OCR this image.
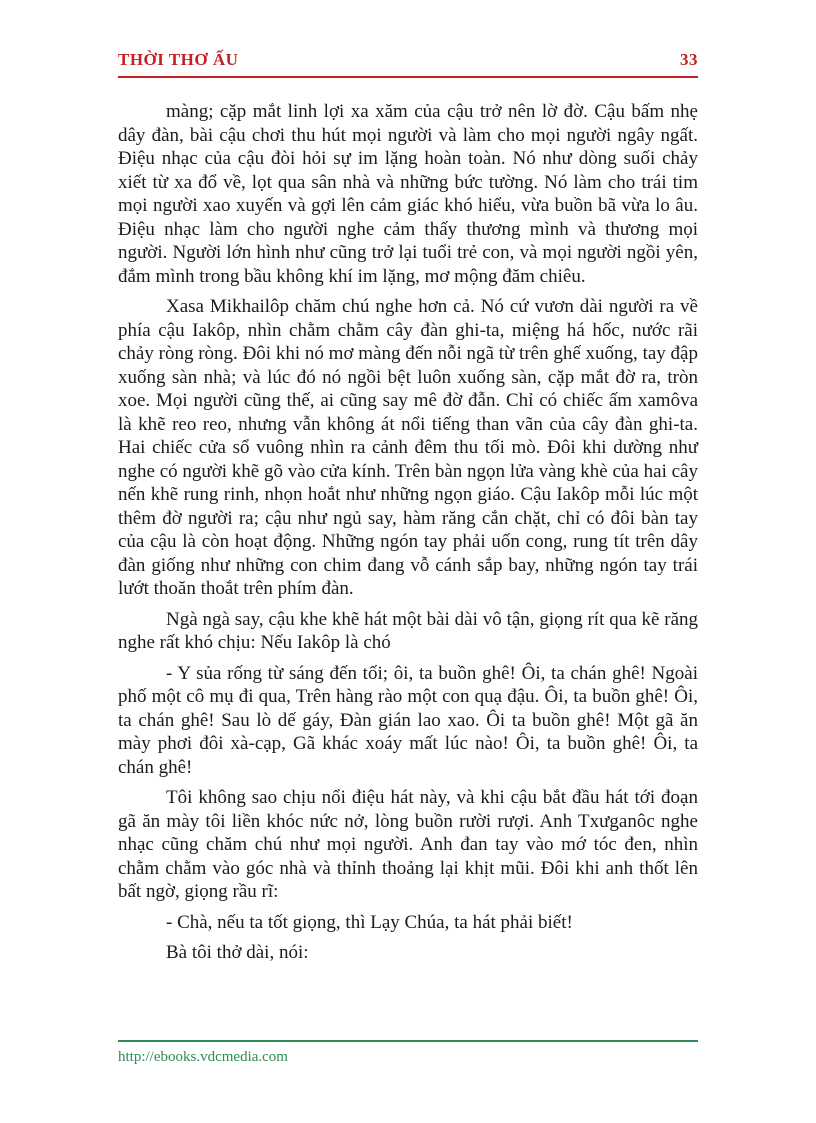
THỜI THƠ ẤU	33

màng; cặp mắt linh lợi xa xăm của cậu trở nên lờ đờ. Cậu bấm nhẹ dây đàn, bài cậu chơi thu hút mọi người và làm cho mọi người ngây ngất. Điệu nhạc của cậu đòi hỏi sự im lặng hoàn toàn. Nó như dòng suối chảy xiết từ xa đổ về, lọt qua sân nhà và những bức tường. Nó làm cho trái tim mọi người xao xuyến và gợi lên cảm giác khó hiểu, vừa buồn bã vừa lo âu. Điệu nhạc làm cho người nghe cảm thấy thương mình và thương mọi người. Người lớn hình như cũng trở lại tuổi trẻ con, và mọi người ngồi yên, đắm mình trong bầu không khí im lặng, mơ mộng đăm chiêu.

Xasa Mikhailôp chăm chú nghe hơn cả. Nó cứ vươn dài người ra về phía cậu Iakôp, nhìn chằm chằm cây đàn ghi-ta, miệng há hốc, nước rãi chảy ròng ròng. Đôi khi nó mơ màng đến nỗi ngã từ trên ghế xuống, tay đập xuống sàn nhà; và lúc đó nó ngồi bệt luôn xuống sàn, cặp mắt đờ ra, tròn xoe. Mọi người cũng thế, ai cũng say mê đờ đẫn. Chỉ có chiếc ấm xamôva là khẽ reo reo, nhưng vẫn không át nổi tiếng than vãn của cây đàn ghi-ta. Hai chiếc cửa sổ vuông nhìn ra cảnh đêm thu tối mò. Đôi khi dường như nghe có người khẽ gõ vào cửa kính. Trên bàn ngọn lửa vàng khè của hai cây nến khẽ rung rinh, nhọn hoắt như những ngọn giáo. Cậu Iakôp mỗi lúc một thêm đờ người ra; cậu như ngủ say, hàm răng cắn chặt, chỉ có đôi bàn tay của cậu là còn hoạt động. Những ngón tay phải uốn cong, rung tít trên dây đàn giống như những con chim đang vỗ cánh sắp bay, những ngón tay trái lướt thoăn thoắt trên phím đàn.

Ngà ngà say, cậu khe khẽ hát một bài dài vô tận, giọng rít qua kẽ răng nghe rất khó chịu: Nếu Iakôp là chó

- Y sủa rống từ sáng đến tối; ôi, ta buồn ghê! Ôi, ta chán ghê! Ngoài phố một cô mụ đi qua, Trên hàng rào một con quạ đậu. Ôi, ta buồn ghê! Ôi, ta chán ghê! Sau lò dế gáy, Đàn gián lao xao. Ôi ta buồn ghê! Một gã ăn mày phơi đôi xà-cạp, Gã khác xoáy mất lúc nào! Ôi, ta buồn ghê! Ôi, ta chán ghê!

Tôi không sao chịu nổi điệu hát này, và khi cậu bắt đầu hát tới đoạn gã ăn mày tôi liền khóc nức nở, lòng buồn rười rượi. Anh Txưganôc nghe nhạc cũng chăm chú như mọi người. Anh đan tay vào mớ tóc đen, nhìn chằm chằm vào góc nhà và thỉnh thoảng lại khịt mũi. Đôi khi anh thốt lên bất ngờ, giọng rầu rĩ:

- Chà, nếu ta tốt giọng, thì Lạy Chúa, ta hát phải biết!

Bà tôi thở dài, nói:

http://ebooks.vdcmedia.com
